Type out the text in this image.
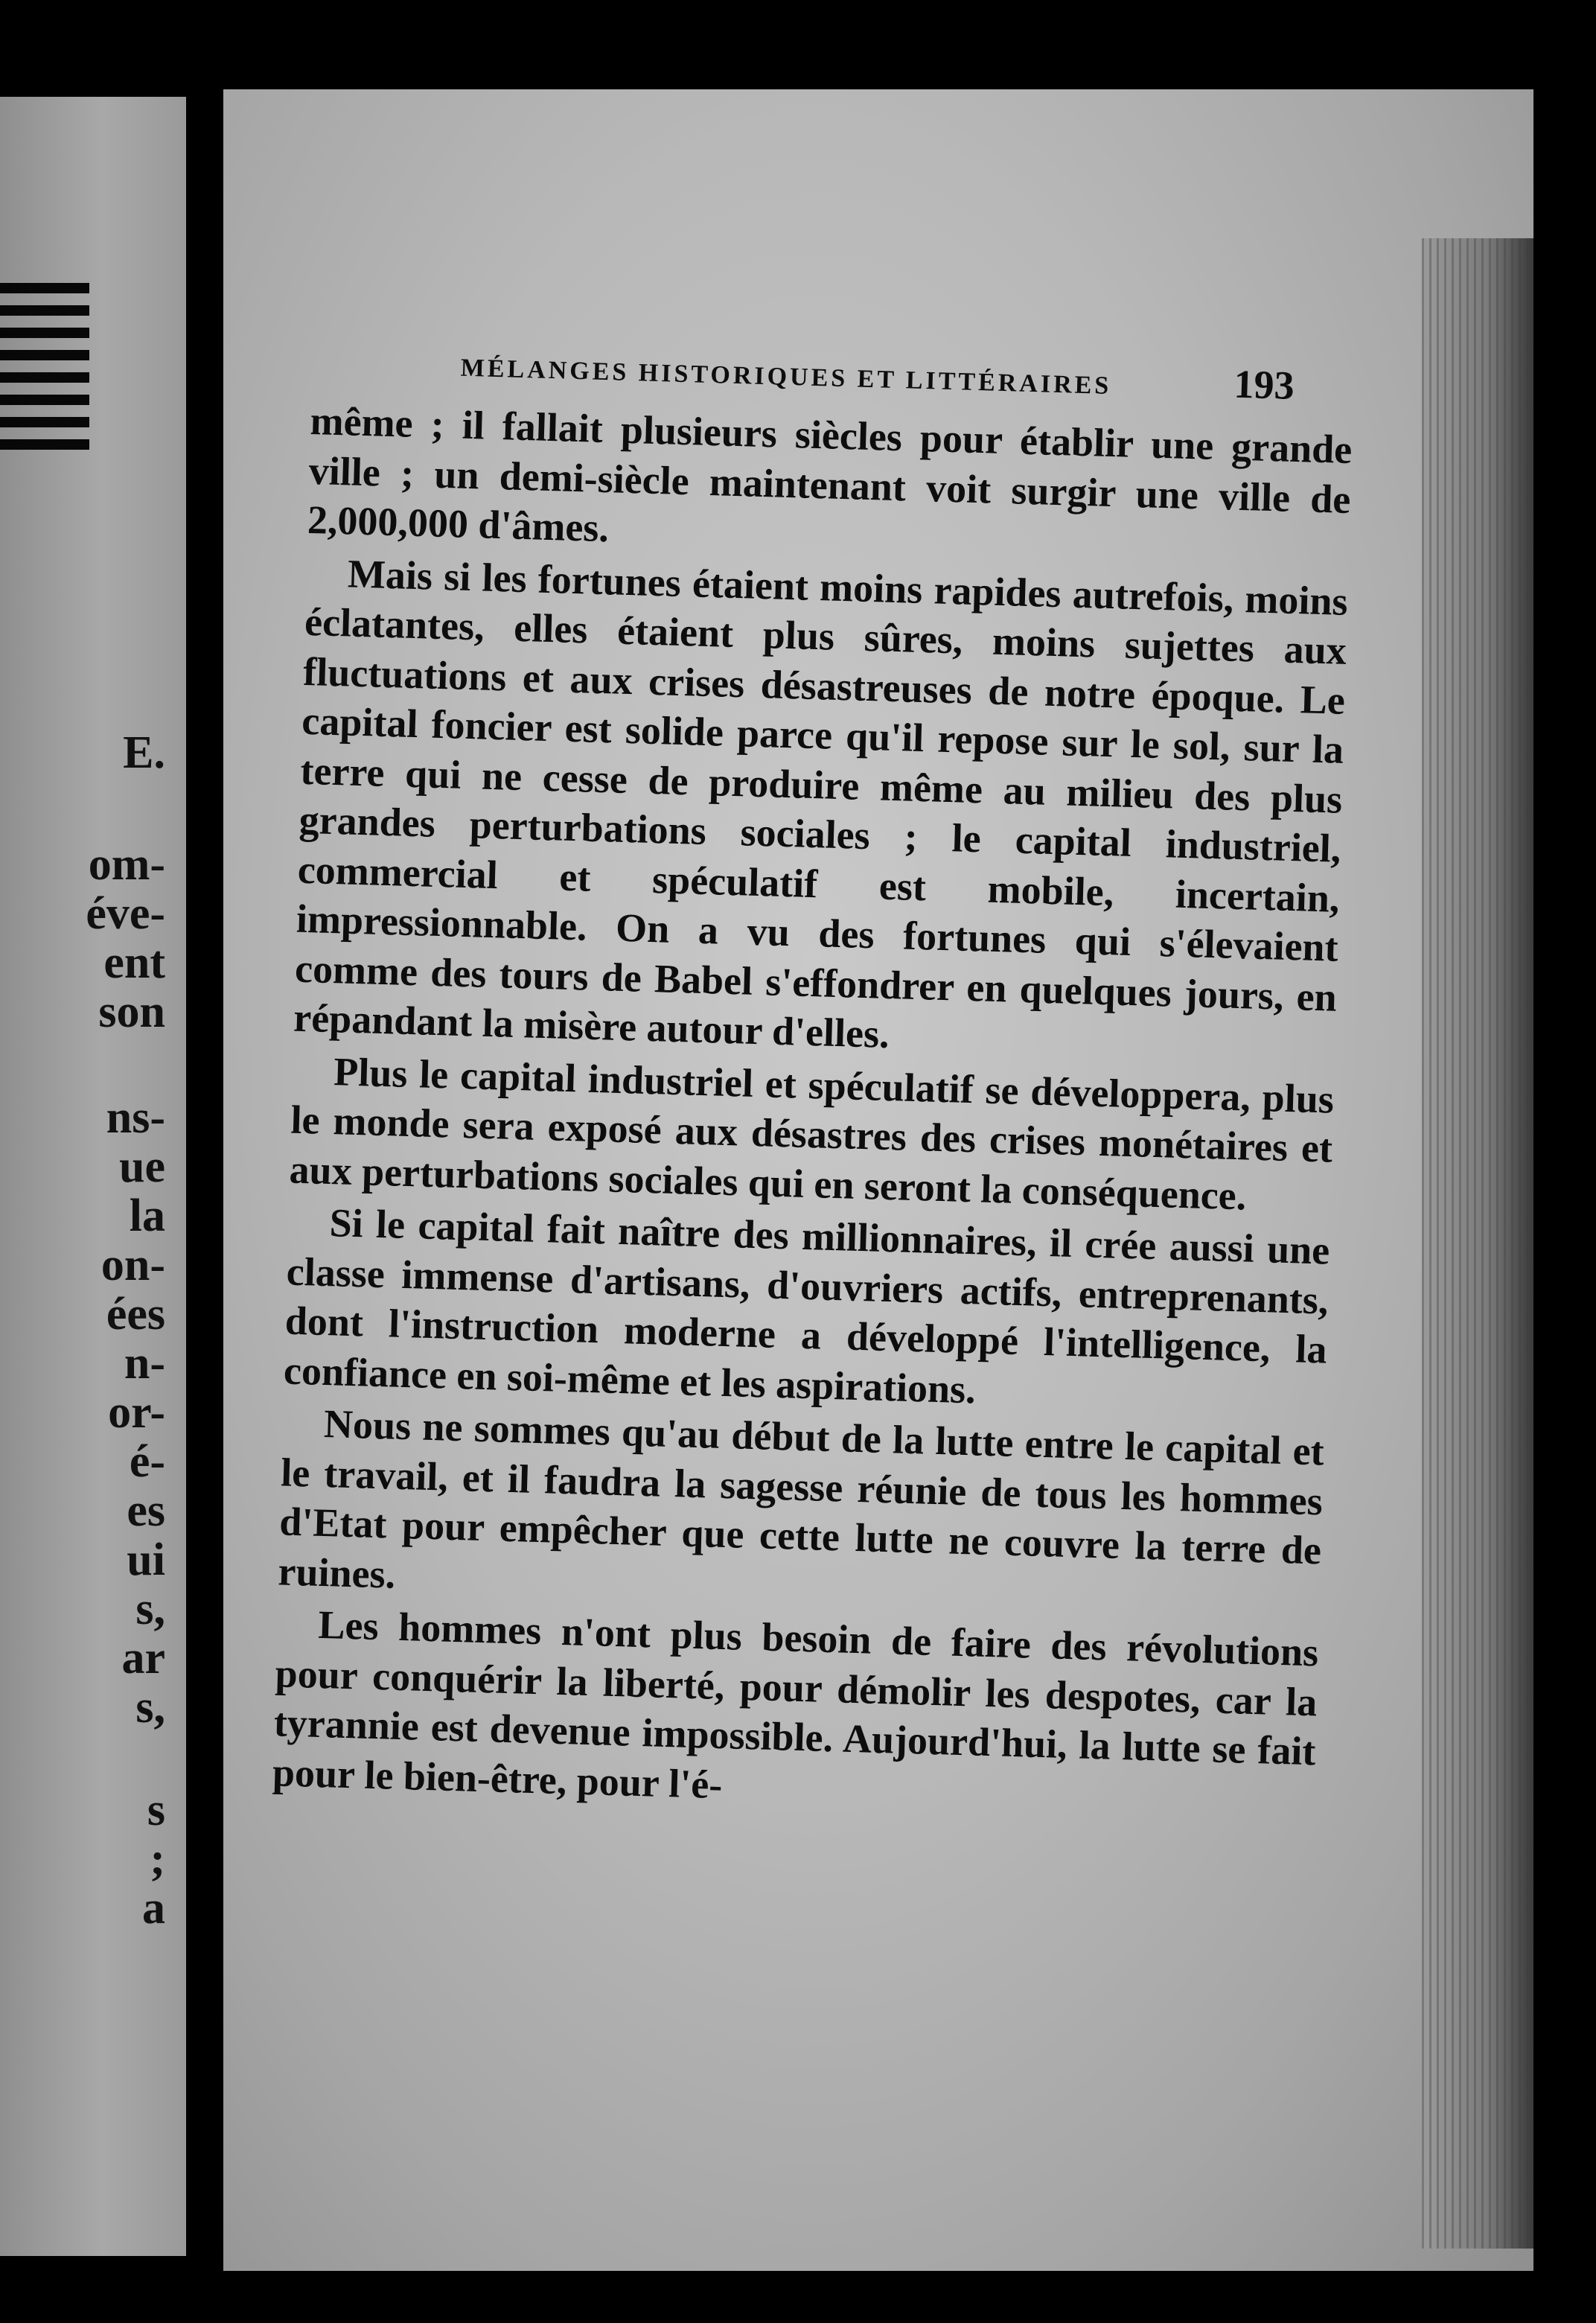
E.
om-
éve-
ent
son
ns-
ue
la
on-
ées
n-
or-
é-
es
ui
s,
ar
s,
s
;
a
MÉLANGES HISTORIQUES ET LITTÉRAIRES	193

même ; il fallait plusieurs siècles pour établir une grande ville ; un demi-siècle maintenant voit surgir une ville de 2,000,000 d'âmes.

Mais si les fortunes étaient moins rapides autrefois, moins éclatantes, elles étaient plus sûres, moins sujettes aux fluctuations et aux crises désastreuses de notre époque. Le capital foncier est solide parce qu'il repose sur le sol, sur la terre qui ne cesse de produire même au milieu des plus grandes perturbations sociales ; le capital industriel, commercial et spéculatif est mobile, incertain, impressionnable. On a vu des fortunes qui s'élevaient comme des tours de Babel s'effondrer en quelques jours, en répandant la misère autour d'elles.

Plus le capital industriel et spéculatif se développera, plus le monde sera exposé aux désastres des crises monétaires et aux perturbations sociales qui en seront la conséquence.

Si le capital fait naître des millionnaires, il crée aussi une classe immense d'artisans, d'ouvriers actifs, entreprenants, dont l'instruction moderne a développé l'intelligence, la confiance en soi-même et les aspirations.

Nous ne sommes qu'au début de la lutte entre le capital et le travail, et il faudra la sagesse réunie de tous les hommes d'Etat pour empêcher que cette lutte ne couvre la terre de ruines.

Les hommes n'ont plus besoin de faire des révolutions pour conquérir la liberté, pour démolir les despotes, car la tyrannie est devenue impossible. Aujourd'hui, la lutte se fait pour le bien-être, pour l'é-
